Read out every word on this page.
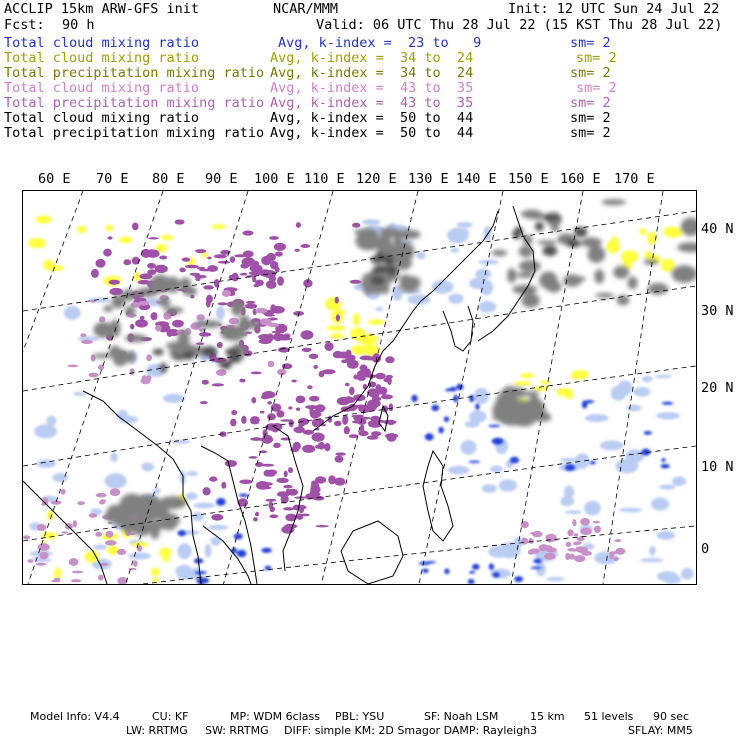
ACCLIP 15km ARW-GFS init	NCAR/MMM	Init: 12 UTC Sun 24 Jul 22
Fcst: 90 h	Valid: 06 UTC Thu 28 Jul 22 (15 KST Thu 28 Jul 22)
Total cloud mixing ratio	Avg, k-index =  23 to   9	sm= 2
Total cloud mixing ratio	Avg, k-index =  34 to  24	sm= 2
Total precipitation mixing ratio Avg, k-index =  34 to  24	sm= 2
Total cloud mixing ratio	Avg, k-index =  43 to  35	sm= 2
Total precipitation mixing ratio Avg, k-index =  43 to  35	sm= 2
Total cloud mixing ratio	Avg, k-index =  50 to  44	sm= 2
Total precipitation mixing ratio Avg, k-index =  50 to  44	sm= 2
60 E 70 E 80 E 90 E 100 E 110 E 120 E 130 E 140 E 150 E 160 E 170 E
40 N
30 N
20 N
10 N
0
Model Info: V4.4	CU: KF	MP: WDM 6class PBL: YSU	SF: Noah LSM	15 km 51 levels 90 sec
LW: RRTMG SW: RRTMG DIFF: simple KM: 2D Smagor DAMP: Rayleigh3	SFLAY: MM5
